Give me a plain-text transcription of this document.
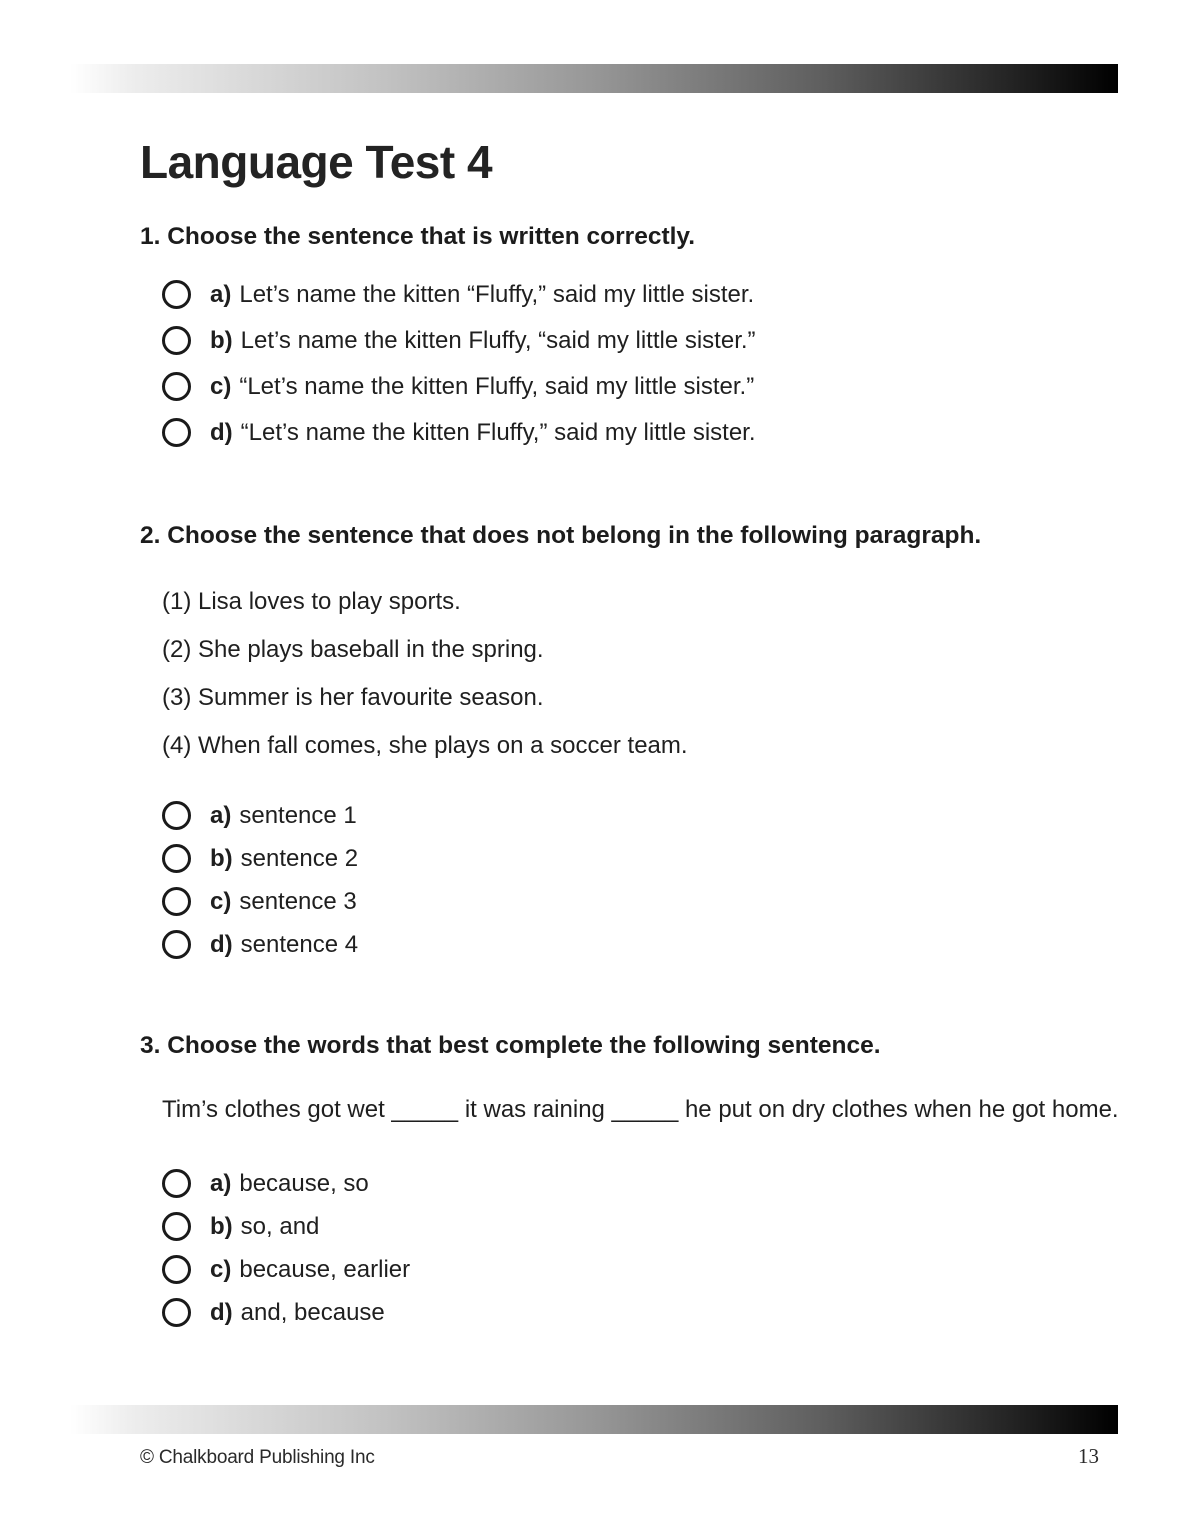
Language Test 4
1. Choose the sentence that is written correctly.
a) Let’s name the kitten “Fluffy,” said my little sister.
b) Let’s name the kitten Fluffy, “said my little sister.”
c) “Let’s name the kitten Fluffy, said my little sister.”
d) “Let’s name the kitten Fluffy,” said my little sister.
2. Choose the sentence that does not belong in the following paragraph.
(1) Lisa loves to play sports.
(2) She plays baseball in the spring.
(3) Summer is her favourite season.
(4) When fall comes, she plays on a soccer team.
a) sentence 1
b) sentence 2
c) sentence 3
d) sentence 4
3. Choose the words that best complete the following sentence.
Tim’s clothes got wet _____ it was raining _____ he put on dry clothes when he got home.
a) because, so
b) so, and
c) because, earlier
d) and, because
© Chalkboard Publishing Inc	13
